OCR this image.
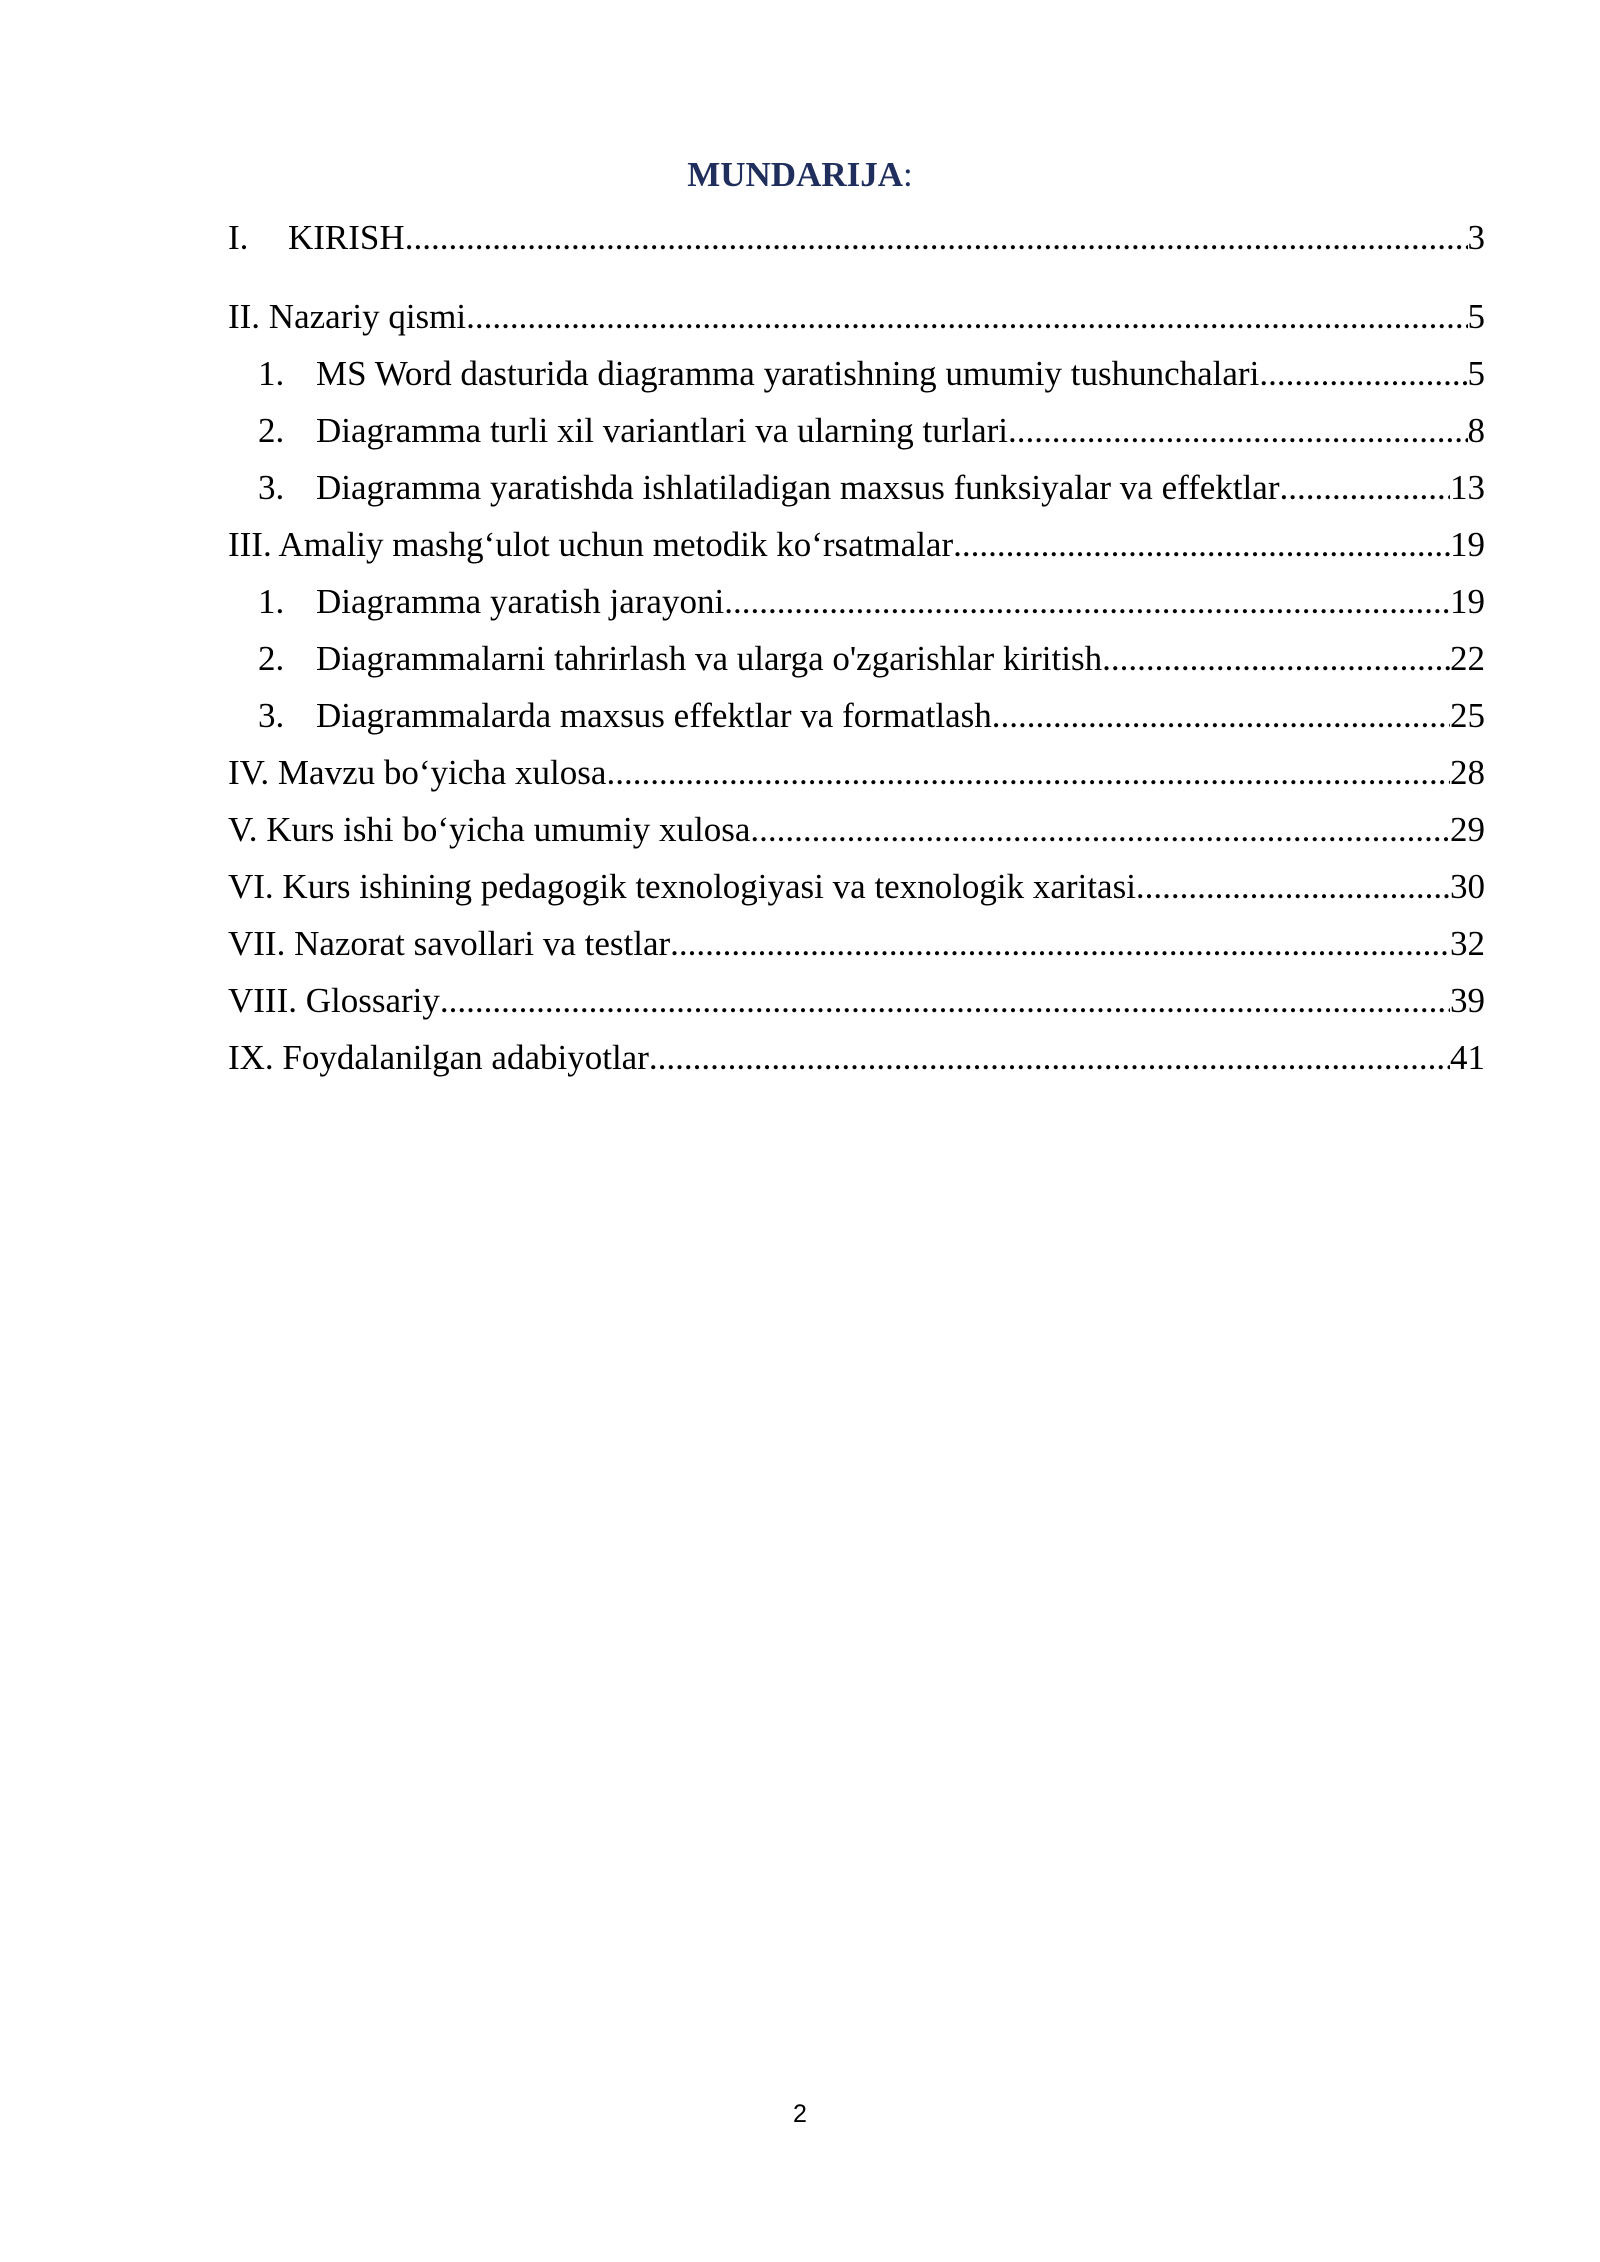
MUNDARIJA:
I.	KIRISH .....	3
II. Nazariy qismi .....	5
1. MS Word dasturida diagramma yaratishning umumiy tushunchalari .....	5
2. Diagramma turli xil variantlari va ularning turlari .....	8
3. Diagramma yaratishda ishlatiladigan maxsus funksiyalar va effektlar .....	13
III. Amaliy mashg‘ulot uchun metodik ko‘rsatmalar .....	19
1. Diagramma yaratish jarayoni .....	19
2. Diagrammalarni tahrirlash va ularga o'zgarishlar kiritish .....	22
3. Diagrammalarda maxsus effektlar va formatlash .....	25
IV. Mavzu bo‘yicha xulosa .....	28
V. Kurs ishi bo‘yicha umumiy xulosa .....	29
VI. Kurs ishining pedagogik texnologiyasi va texnologik xaritasi .....	30
VII. Nazorat savollari va testlar .....	32
VIII. Glossariy .....	39
IX. Foydalanilgan adabiyotlar .....	41
2
